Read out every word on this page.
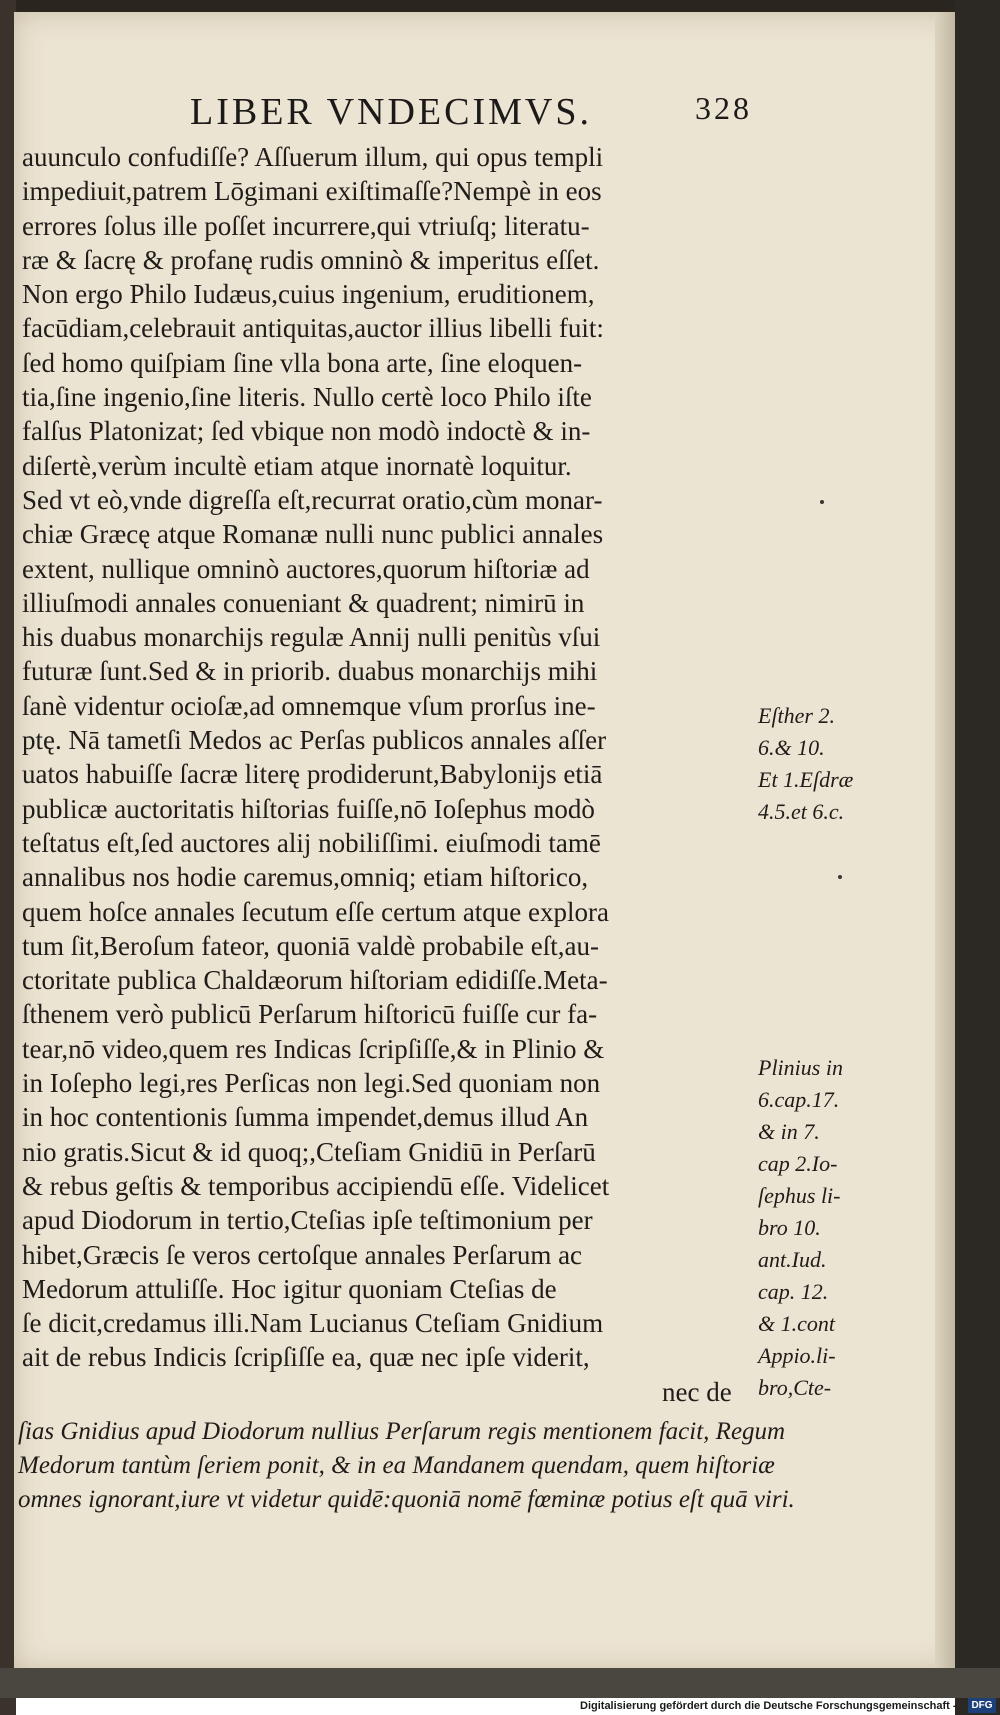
LIBER VNDECIMVS.	328
auunculo confudiſſe? Aſſuerum illum, qui opus templi
impediuit,patrem Lōgimani exiſtimaſſe?Nempè in eos
errores ſolus ille poſſet incurrere,qui vtriuſq; literatu-
ræ & ſacrę & profanę rudis omninò & imperitus eſſet.
Non ergo Philo Iudæus,cuius ingenium, eruditionem,
facūdiam,celebrauit antiquitas,auctor illius libelli fuit:
ſed homo quiſpiam ſine vlla bona arte, ſine eloquen-
tia,ſine ingenio,ſine literis. Nullo certè loco Philo iſte
falſus Platonizat; ſed vbique non modò indoctè & in-
diſertè,verùm incultè etiam atque inornatè loquitur.
Sed vt eò,vnde digreſſa eſt,recurrat oratio,cùm monar-
chiæ Græcę atque Romanæ nulli nunc publici annales
extent, nullique omninò auctores,quorum hiſtoriæ ad
illiuſmodi annales conueniant & quadrent; nimirū in
his duabus monarchijs regulæ Annij nulli penitùs vſui
futuræ ſunt.Sed & in priorib. duabus monarchijs mihi
ſanè videntur ocioſæ,ad omnemque vſum prorſus ine-
ptę. Nā tametſi Medos ac Perſas publicos annales aſſer
uatos habuiſſe ſacræ literę prodiderunt,Babylonijs etiā
publicæ auctoritatis hiſtorias fuiſſe,nō Ioſephus modò
teſtatus eſt,ſed auctores alij nobiliſſimi. eiuſmodi tamē
annalibus nos hodie caremus,omniq; etiam hiſtorico,
quem hoſce annales ſecutum eſſe certum atque explora
tum ſit,Beroſum fateor, quoniā valdè probabile eſt,au-
ctoritate publica Chaldæorum hiſtoriam edidiſſe.Meta-
ſthenem verò publicū Perſarum hiſtoricū fuiſſe cur fa-
tear,nō video,quem res Indicas ſcripſiſſe,& in Plinio &
in Ioſepho legi,res Perſicas non legi.Sed quoniam non
in hoc contentionis ſumma impendet,demus illud An
nio gratis.Sicut & id quoq;,Cteſiam Gnidiū in Perſarū
& rebus geſtis & temporibus accipiendū eſſe. Videlicet
apud Diodorum in tertio,Cteſias ipſe teſtimonium per
hibet,Græcis ſe veros certoſque annales Perſarum ac
Medorum attuliſſe. Hoc igitur quoniam Cteſias de
ſe dicit,credamus illi.Nam Lucianus Cteſiam Gnidium
ait de rebus Indicis ſcripſiſſe ea, quæ nec ipſe viderit,
nec de
Eſther 2.
6.& 10.
Et 1.Eſdræ
4.5.et 6.c.
Plinius in
6.cap.17.
& in 7.
cap 2.Io-
ſephus li-
bro 10.
ant.Iud.
cap. 12.
& 1.cont
Appio.li-
bro,Cte-
ſias Gnidius apud Diodorum nullius Perſarum regis mentionem facit, Regum
Medorum tantùm ſeriem ponit, & in ea Mandanem quendam, quem hiſtoriæ
omnes ignorant,iure vt videtur quidē:quoniā nomē fœminæ potius eſt quā viri.
Digitalisierung gefördert durch die Deutsche Forschungsgemeinschaft -	DFG
